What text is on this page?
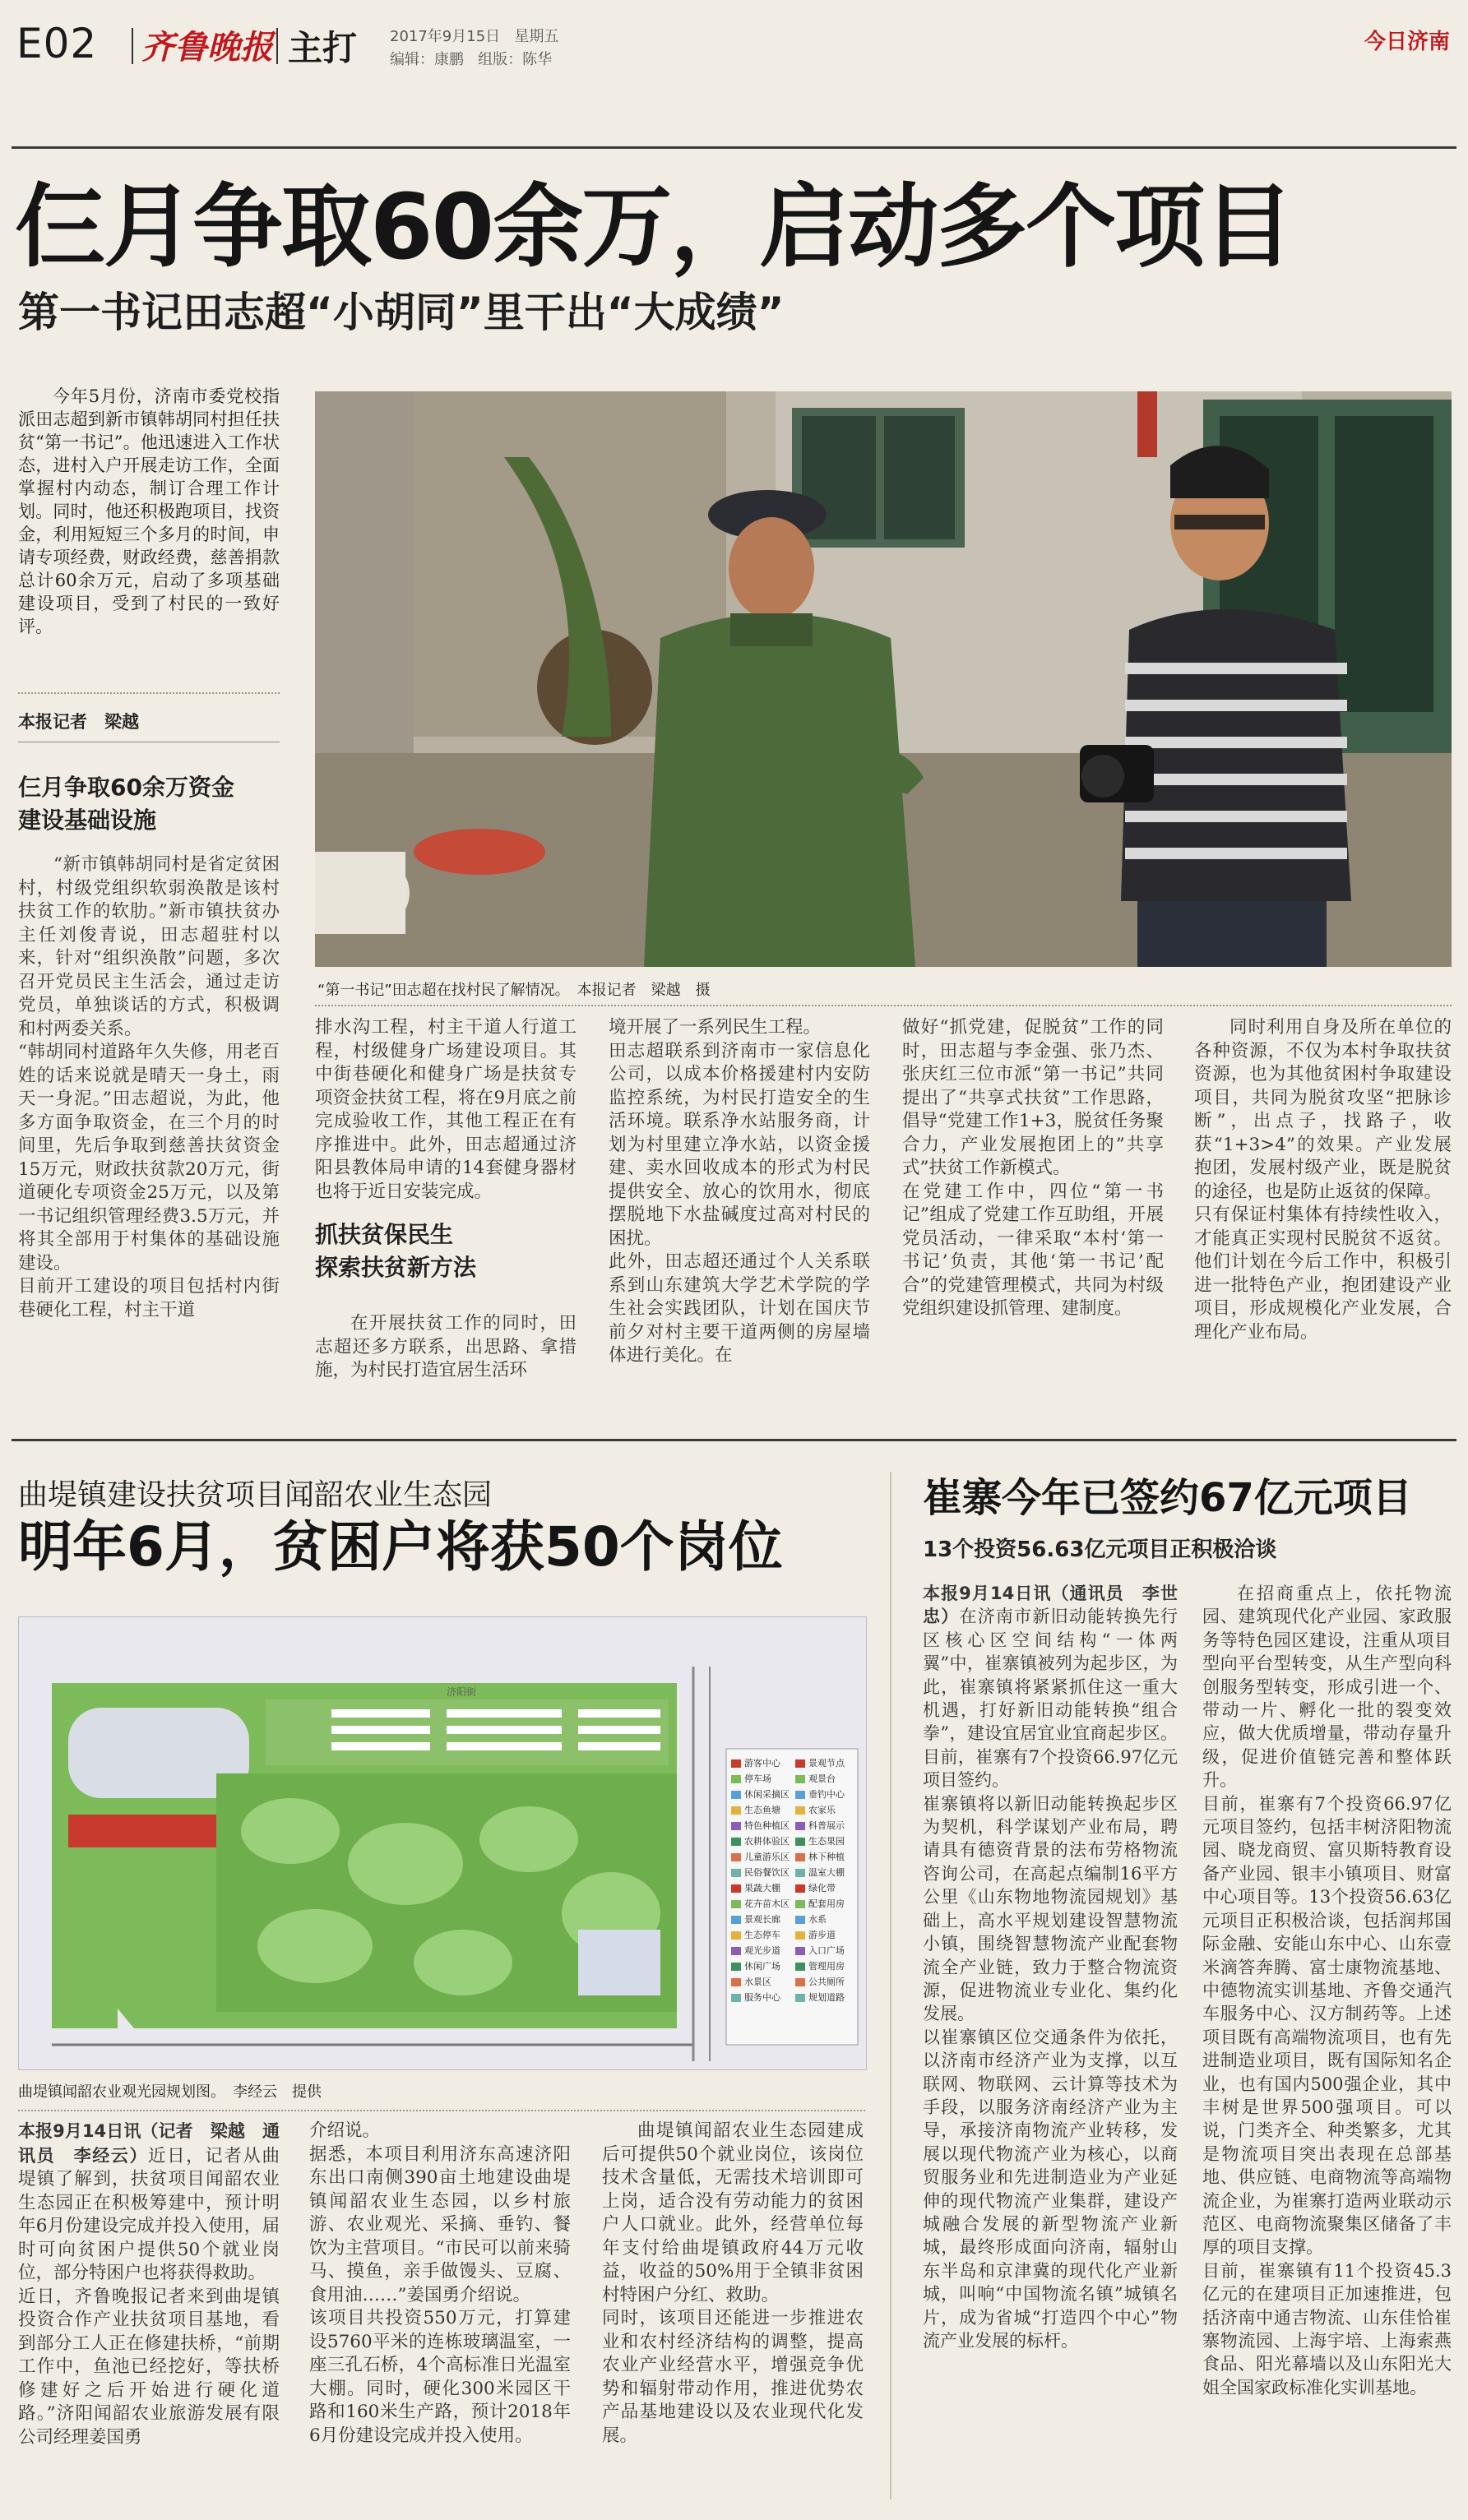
E02 齐鲁晚报 主打 2017年9月15日 星期五
编辑：康鹏 组版：陈华
今日济南
仨月争取60余万，启动多个项目
第一书记田志超“小胡同”里干出“大成绩”
今年5月份，济南市委党校指派田志超到新市镇韩胡同村担任扶贫“第一书记”。他迅速进入工作状态，进村入户开展走访工作，全面掌握村内动态，制订合理工作计划。同时，他还积极跑项目，找资金，利用短短三个多月的时间，申请专项经费，财政经费，慈善捐款总计60余万元，启动了多项基础建设项目，受到了村民的一致好评。
本报记者　梁越
仨月争取60余万资金
建设基础设施
“新市镇韩胡同村是省定贫困村，村级党组织软弱涣散是该村扶贫工作的软肋。”新市镇扶贫办主任刘俊青说，田志超驻村以来，针对“组织涣散”问题，多次召开党员民主生活会，通过走访党员，单独谈话的方式，积极调和村两委关系。
“韩胡同村道路年久失修，用老百姓的话来说就是晴天一身土，雨天一身泥。”田志超说，为此，他多方面争取资金，在三个月的时间里，先后争取到慈善扶贫资金15万元，财政扶贫款20万元，街道硬化专项资金25万元，以及第一书记组织管理经费3.5万元，并将其全部用于村集体的基础设施建设。
目前开工建设的项目包括村内街巷硬化工程，村主干道
“第一书记”田志超在找村民了解情况。　本报记者　梁越　摄
排水沟工程，村主干道人行道工程，村级健身广场建设项目。其中街巷硬化和健身广场是扶贫专项资金扶贫工程，将在9月底之前完成验收工作，其他工程正在有序推进中。此外，田志超通过济阳县教体局申请的14套健身器材也将于近日安装完成。
抓扶贫保民生
探索扶贫新方法
在开展扶贫工作的同时，田志超还多方联系，出思路、拿措施，为村民打造宜居生活环
境开展了一系列民生工程。
田志超联系到济南市一家信息化公司，以成本价格援建村内安防监控系统，为村民打造安全的生活环境。联系净水站服务商，计划为村里建立净水站，以资金援建、卖水回收成本的形式为村民提供安全、放心的饮用水，彻底摆脱地下水盐碱度过高对村民的困扰。
此外，田志超还通过个人关系联系到山东建筑大学艺术学院的学生社会实践团队，计划在国庆节前夕对村主要干道两侧的房屋墙体进行美化。在
做好“抓党建，促脱贫”工作的同时，田志超与李金强、张乃杰、张庆红三位市派“第一书记”共同提出了“共享式扶贫”工作思路，倡导“党建工作1+3，脱贫任务聚合力，产业发展抱团上的”共享式”扶贫工作新模式。
在党建工作中，四位“第一书记”组成了党建工作互助组，开展党员活动，一律采取“本村‘第一书记’负责，其他‘第一书记’配合”的党建管理模式，共同为村级党组织建设抓管理、建制度。
同时利用自身及所在单位的各种资源，不仅为本村争取扶贫资源，也为其他贫困村争取建设项目，共同为脱贫攻坚“把脉诊断”，出点子，找路子，收获“1+3>4”的效果。产业发展抱团，发展村级产业，既是脱贫的途径，也是防止返贫的保障。
只有保证村集体有持续性收入，才能真正实现村民脱贫不返贫。他们计划在今后工作中，积极引进一批特色产业，抱团建设产业项目，形成规模化产业发展，合理化产业布局。
曲堤镇建设扶贫项目闻韶农业生态园
明年6月，贫困户将获50个岗位
济阳街
游客中心
停车场
休闲采摘区
生态鱼塘
特色种植区
农耕体验区
儿童游乐区
民俗餐饮区
果蔬大棚
花卉苗木区
景观长廊
生态停车
观光步道
休闲广场
水景区
服务中心
景观节点
观景台
垂钓中心
农家乐
科普展示
生态果园
林下种植
温室大棚
绿化带
配套用房
水系
游步道
入口广场
管理用房
公共厕所
规划道路
曲堤镇闻韶农业观光园规划图。　李经云　提供
本报9月14日讯（记者　梁越　通讯员　李经云）近日，记者从曲堤镇了解到，扶贫项目闻韶农业生态园正在积极筹建中，预计明年6月份建设完成并投入使用，届时可向贫困户提供50个就业岗位，部分特困户也将获得救助。
近日，齐鲁晚报记者来到曲堤镇投资合作产业扶贫项目基地，看到部分工人正在修建扶桥，“前期工作中，鱼池已经挖好，等扶桥修建好之后开始进行硬化道路。”济阳闻韶农业旅游发展有限公司经理姜国勇
介绍说。
据悉，本项目利用济东高速济阳东出口南侧390亩土地建设曲堤镇闻韶农业生态园，以乡村旅游、农业观光、采摘、垂钓、餐饮为主营项目。“市民可以前来骑马、摸鱼，亲手做馒头、豆腐、食用油……”姜国勇介绍说。
该项目共投资550万元，打算建设5760平米的连栋玻璃温室，一座三孔石桥，4个高标准日光温室大棚。同时，硬化300米园区干路和160米生产路，预计2018年6月份建设完成并投入使用。
曲堤镇闻韶农业生态园建成后可提供50个就业岗位，该岗位技术含量低，无需技术培训即可上岗，适合没有劳动能力的贫困户人口就业。此外，经营单位每年支付给曲堤镇政府44万元收益，收益的50%用于全镇非贫困村特困户分红、救助。
同时，该项目还能进一步推进农业和农村经济结构的调整，提高农业产业经营水平，增强竞争优势和辐射带动作用，推进优势农产品基地建设以及农业现代化发展。
崔寨今年已签约67亿元项目
13个投资56.63亿元项目正积极洽谈
本报9月14日讯（通讯员　李世忠）在济南市新旧动能转换先行区核心区空间结构“一体两翼”中，崔寨镇被列为起步区，为此，崔寨镇将紧紧抓住这一重大机遇，打好新旧动能转换“组合拳”，建设宜居宜业宜商起步区。目前，崔寨有7个投资66.97亿元项目签约。
崔寨镇将以新旧动能转换起步区为契机，科学谋划产业布局，聘请具有德资背景的法布劳格物流咨询公司，在高起点编制16平方公里《山东物地物流园规划》基础上，高水平规划建设智慧物流小镇，围绕智慧物流产业配套物流全产业链，致力于整合物流资源，促进物流业专业化、集约化发展。
以崔寨镇区位交通条件为依托，以济南市经济产业为支撑，以互联网、物联网、云计算等技术为手段，以服务济南经济产业为主导，承接济南物流产业转移，发展以现代物流产业为核心，以商贸服务业和先进制造业为产业延伸的现代物流产业集群，建设产城融合发展的新型物流产业新城，最终形成面向济南，辐射山东半岛和京津冀的现代化产业新城，叫响“中国物流名镇”城镇名片，成为省城“打造四个中心”物流产业发展的标杆。
在招商重点上，依托物流园、建筑现代化产业园、家政服务等特色园区建设，注重从项目型向平台型转变，从生产型向科创服务型转变，形成引进一个、带动一片、孵化一批的裂变效应，做大优质增量，带动存量升级，促进价值链完善和整体跃升。
目前，崔寨有7个投资66.97亿元项目签约，包括丰树济阳物流园、晓龙商贸、富贝斯特教育设备产业园、银丰小镇项目、财富中心项目等。13个投资56.63亿元项目正积极洽谈，包括润邦国际金融、安能山东中心、山东壹米滴答奔腾、富士康物流基地、中德物流实训基地、齐鲁交通汽车服务中心、汉方制药等。上述项目既有高端物流项目，也有先进制造业项目，既有国际知名企业，也有国内500强企业，其中丰树是世界500强项目。可以说，门类齐全、种类繁多，尤其是物流项目突出表现在总部基地、供应链、电商物流等高端物流企业，为崔寨打造两业联动示范区、电商物流聚集区储备了丰厚的项目支撑。
目前，崔寨镇有11个投资45.3亿元的在建项目正加速推进，包括济南中通吉物流、山东佳恰崔寨物流园、上海宇培、上海索燕食品、阳光幕墙以及山东阳光大姐全国家政标准化实训基地。
